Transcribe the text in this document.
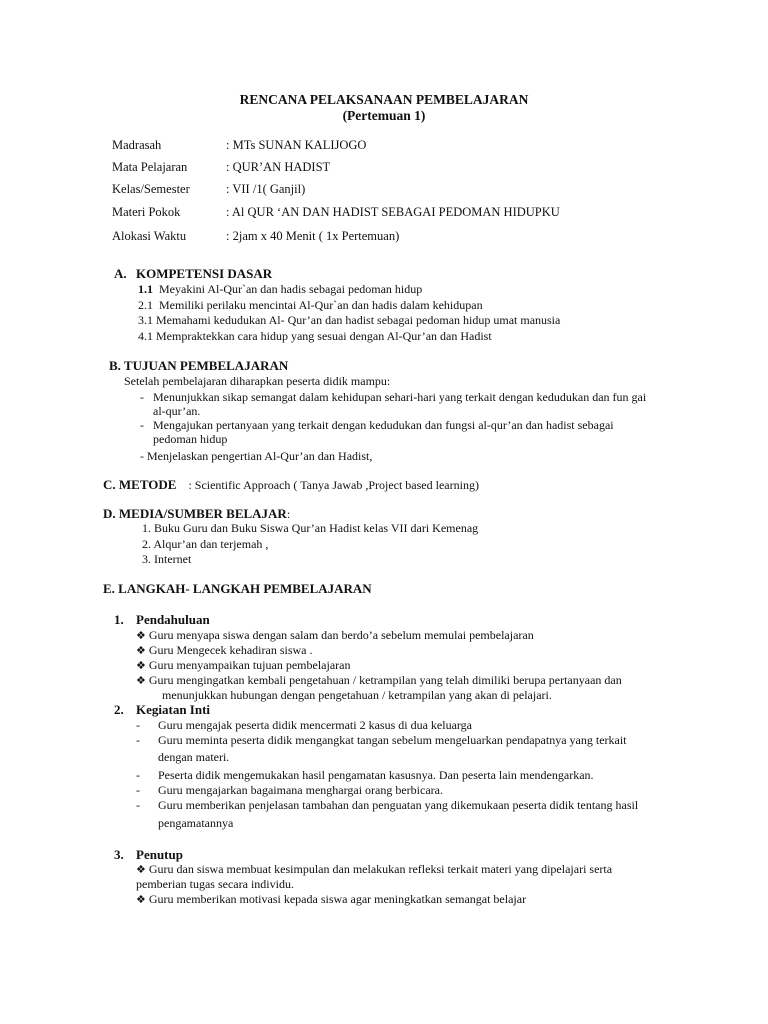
RENCANA PELAKSANAAN PEMBELAJARAN
(Pertemuan 1)
Madrasah	: MTs SUNAN KALIJOGO
Mata Pelajaran	: QUR’AN HADIST
Kelas/Semester	: VII /1( Ganjil)
Materi Pokok	: Al QUR ‘AN DAN HADIST SEBAGAI PEDOMAN HIDUPKU
Alokasi Waktu	: 2jam x 40 Menit ( 1x Pertemuan)
A. KOMPETENSI DASAR
1.1 Meyakini Al-Qur`an dan hadis sebagai pedoman hidup
2.1 Memiliki perilaku mencintai Al-Qur`an dan hadis dalam kehidupan
3.1 Memahami kedudukan Al- Qur’an dan hadist sebagai pedoman hidup umat manusia
4.1 Mempraktekkan cara hidup yang sesuai dengan Al-Qur’an dan Hadist
B. TUJUAN PEMBELAJARAN
Setelah pembelajaran diharapkan peserta didik mampu:
- Menunjukkan sikap semangat dalam kehidupan sehari-hari yang terkait dengan kedudukan dan fun gai
al-qur’an.
- Mengajukan pertanyaan yang terkait dengan kedudukan dan fungsi al-qur’an dan hadist sebagai
pedoman hidup
- Menjelaskan pengertian Al-Qur’an dan Hadist,
C. METODE : Scientific Approach ( Tanya Jawab ,Project based learning)
D. MEDIA/SUMBER BELAJAR:
1. Buku Guru dan Buku Siswa Qur’an Hadist kelas VII dari Kemenag
2. Alqur’an dan terjemah ,
3. Internet
E. LANGKAH- LANGKAH PEMBELAJARAN
1. Pendahuluan
❖ Guru menyapa siswa dengan salam dan berdo’a sebelum memulai pembelajaran
❖ Guru Mengecek kehadiran siswa .
❖ Guru menyampaikan tujuan pembelajaran
❖ Guru mengingatkan kembali pengetahuan / ketrampilan yang telah dimiliki berupa pertanyaan dan
menunjukkan hubungan dengan pengetahuan / ketrampilan yang akan di pelajari.
2. Kegiatan Inti
- Guru mengajak peserta didik mencermati 2 kasus di dua keluarga
- Guru meminta peserta didik mengangkat tangan sebelum mengeluarkan pendapatnya yang terkait
dengan materi.
- Peserta didik mengemukakan hasil pengamatan kasusnya. Dan peserta lain mendengarkan.
- Guru mengajarkan bagaimana menghargai orang berbicara.
- Guru memberikan penjelasan tambahan dan penguatan yang dikemukaan peserta didik tentang hasil
pengamatannya
3. Penutup
❖ Guru dan siswa membuat kesimpulan dan melakukan refleksi terkait materi yang dipelajari serta
pemberian tugas secara individu.
❖ Guru memberikan motivasi kepada siswa agar meningkatkan semangat belajar
